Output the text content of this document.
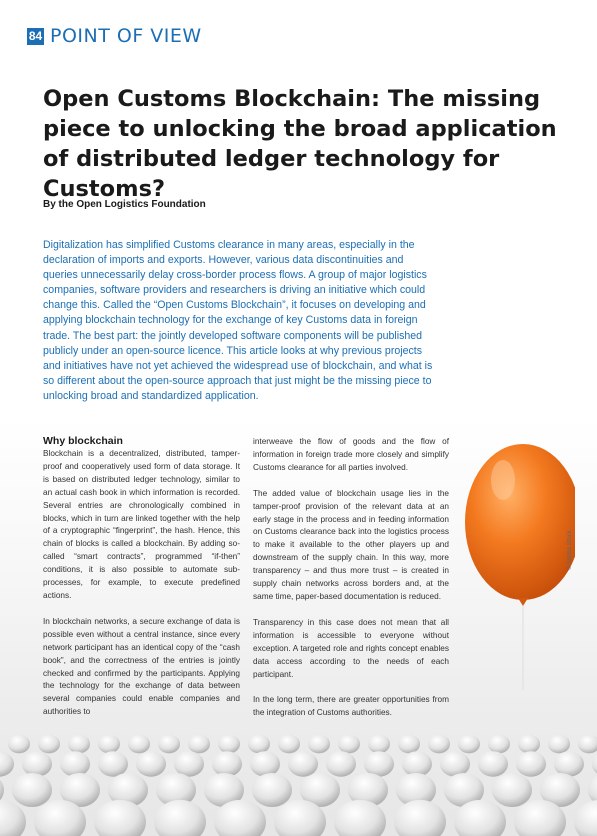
84 POINT OF VIEW
Open Customs Blockchain: The missing piece to unlocking the broad application of distributed ledger technology for Customs?
By the Open Logistics Foundation

Digitalization has simplified Customs clearance in many areas, especially in the declaration of imports and exports. However, various data discontinuities and queries unnecessarily delay cross-border process flows. A group of major logistics companies, software providers and researchers is driving an initiative which could change this. Called the “Open Customs Blockchain”, it focuses on developing and applying blockchain technology for the exchange of key Customs data in foreign trade. The best part: the jointly developed software components will be published publicly under an open-source licence. This article looks at why previous projects and initiatives have not yet achieved the widespread use of blockchain, and what is so different about the open-source approach that just might be the missing piece to unlocking broad and standardized application.

Why blockchain

Blockchain is a decentralized, distributed, tamper-proof and cooperatively used form of data storage. It is based on distributed ledger technology, similar to an actual cash book in which information is recorded. Several entries are chronologically combined in blocks, which in turn are linked together with the help of a cryptographic “fingerprint”, the hash. Hence, this chain of blocks is called a blockchain. By adding so-called “smart contracts”, programmed “if-then” conditions, it is also possible to automate sub-processes, for example, to execute predefined actions.

In blockchain networks, a secure exchange of data is possible even without a central instance, since every network participant has an identical copy of the “cash book”, and the correctness of the entries is jointly checked and confirmed by the participants. Applying the technology for the exchange of data between several companies could enable companies and authorities to

interweave the flow of goods and the flow of information in foreign trade more closely and simplify Customs clearance for all parties involved.

The added value of blockchain usage lies in the tamper-proof provision of the relevant data at an early stage in the process and in feeding information on Customs clearance back into the logistics process to make it available to the other players up and downstream of the supply chain. In this way, more transparency – and thus more trust – is created in supply chain networks across borders and, at the same time, paper-based documentation is reduced.

Transparency in this case does not mean that all information is accessible to everyone without exception. A targeted role and rights concept enables data access according to the needs of each participant.

In the long term, there are greater opportunities from the integration of Customs authorities.

© Adobe Stock
